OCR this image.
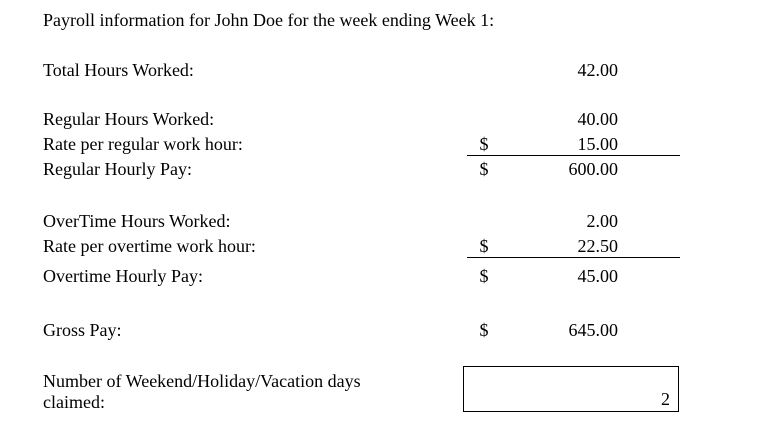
Payroll information for John Doe for the week ending Week 1:
Total Hours Worked:	42.00
Regular Hours Worked:	40.00
Rate per regular work hour:	$	15.00
Regular Hourly Pay:	$	600.00
OverTime Hours Worked:	2.00
Rate per overtime work hour:	$	22.50
Overtime Hourly Pay:	$	45.00
Gross Pay:	$	645.00
Number of Weekend/Holiday/Vacation days
claimed:	2
